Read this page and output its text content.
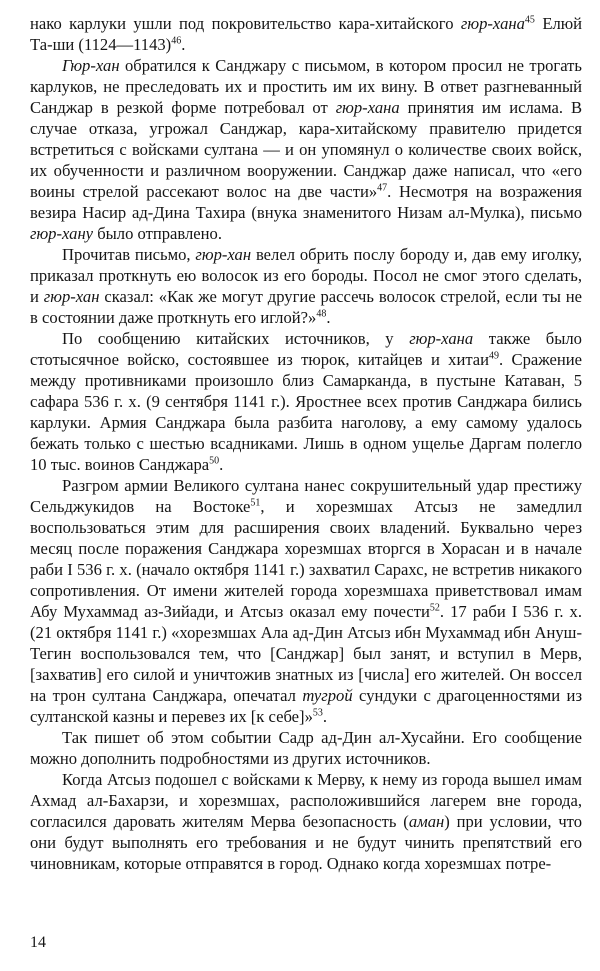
нако карлуки ушли под покровительство кара-хитайского гюр-хана$^{45}$ Елюй Та-ши (1124—1143)$^{46}$.

Гюр-хан обратился к Санджару с письмом, в котором просил не трогать карлуков, не преследовать их и простить им их вину. В ответ разгневанный Санджар в резкой форме потребовал от гюр-хана принятия им ислама. В случае отказа, угрожал Санджар, кара-хитайскому правителю придется встретиться с войсками султана — и он упомянул о количестве своих войск, их обученности и различном вооружении. Санджар даже написал, что «его воины стрелой рассекают волос на две части»$^{47}$. Несмотря на возражения везира Насир ад-Дина Тахира (внука знаменитого Низам ал-Мулка), письмо гюр-хану было отправлено.

Прочитав письмо, гюр-хан велел обрить послу бороду и, дав ему иголку, приказал проткнуть ею волосок из его бороды. Посол не смог этого сделать, и гюр-хан сказал: «Как же могут другие рассечь волосок стрелой, если ты не в состоянии даже проткнуть его иглой?»$^{48}$.

По сообщению китайских источников, у гюр-хана также было стотысячное войско, состоявшее из тюрок, китайцев и хитаи$^{49}$. Сражение между противниками произошло близ Самарканда, в пустыне Катаван, 5 сафара 536 г. х. (9 сентября 1141 г.). Яростнее всех против Санджара бились карлуки. Армия Санджара была разбита наголову, а ему самому удалось бежать только с шестью всадниками. Лишь в одном ущелье Даргам полегло 10 тыс. воинов Санджара$^{50}$.

Разгром армии Великого султана нанес сокрушительный удар престижу Сельджукидов на Востоке$^{51}$, и хорезмшах Атсыз не замедлил воспользоваться этим для расширения своих владений. Буквально через месяц после поражения Санджара хорезмшах вторгся в Хорасан и в начале раби I 536 г. х. (начало октября 1141 г.) захватил Сарахс, не встретив никакого сопротивления. От имени жителей города хорезмшаха приветствовал имам Абу Мухаммад аз-Зийади, и Атсыз оказал ему почести$^{52}$. 17 раби I 536 г. х. (21 октября 1141 г.) «хорезмшах Ала ад-Дин Атсыз ибн Мухаммад ибн Ануш-Тегин воспользовался тем, что [Санджар] был занят, и вступил в Мерв, [захватив] его силой и уничтожив знатных из [числа] его жителей. Он воссел на трон султана Санджара, опечатал тугрой сундуки с драгоценностями из султанской казны и перевез их [к себе]»$^{53}$.

Так пишет об этом событии Садр ад-Дин ал-Хусайни. Его сообщение можно дополнить подробностями из других источников.

Когда Атсыз подошел с войсками к Мерву, к нему из города вышел имам Ахмад ал-Бахарзи, и хорезмшах, расположившийся лагерем вне города, согласился даровать жителям Мерва безопасность (аман) при условии, что они будут выполнять его требования и не будут чинить препятствий его чиновникам, которые отправятся в город. Однако когда хорезмшах потре-

14
